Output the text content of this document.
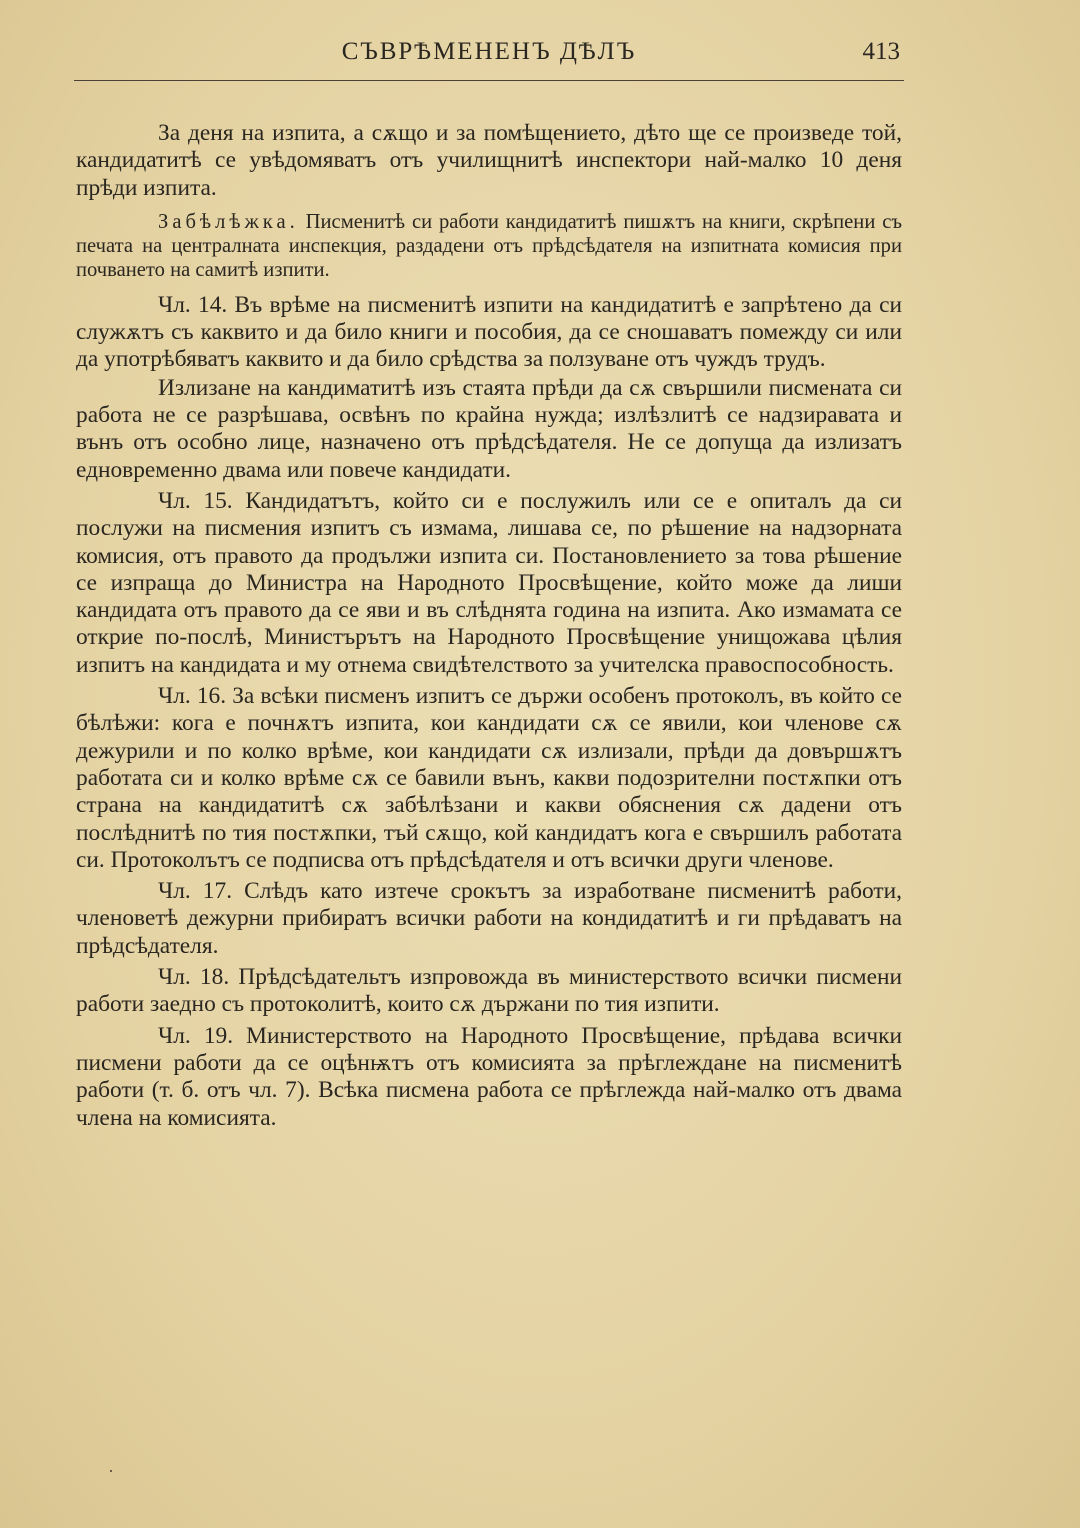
СЪВРѢМЕНЕНЪ ДѢЛЪ	413

За деня на изпита, а сѫщо и за помѣщението, дѣто ще се произведе той, кандидатитѣ се увѣдомяватъ отъ училищнитѣ инспектори най-малко 10 деня прѣди изпита.

Забѣлѣжка. Писменитѣ си работи кандидатитѣ пишѫтъ на книги, скрѣпени съ печата на централната инспекция, раздадени отъ прѣдсѣдателя на изпитната комисия при почването на самитѣ изпити.

Чл. 14. Въ врѣме на писменитѣ изпити на кандидатитѣ е запрѣтено да си служѫтъ съ каквито и да било книги и пособия, да се сношаватъ помежду си или да употрѣбяватъ каквито и да било срѣдства за ползуване отъ чуждъ трудъ.

Излизане на кандиматитѣ изъ стаята прѣди да сѫ свършили писмената си работа не се разрѣшава, освѣнъ по крайна нужда; излѣзлитѣ се надзиравата и вънъ отъ особно лице, назначено отъ прѣдсѣдателя. Не се допуща да излизатъ едновременно двама или повече кандидати.

Чл. 15. Кандидатътъ, който си е послужилъ или се е опиталъ да си послужи на писмения изпитъ съ измама, лишава се, по рѣшение на надзорната комисия, отъ правото да продължи изпита си. Постановлението за това рѣшение се изпраща до Министра на Народното Просвѣщение, който може да лиши кандидата отъ правото да се яви и въ слѣднята година на изпита. Ако измамата се открие по-послѣ, Министърътъ на Народното Просвѣщение унищожава цѣлия изпитъ на кандидата и му отнема свидѣтелството за учителска правоспособность.

Чл. 16. За всѣки писменъ изпитъ се държи особенъ протоколъ, въ който се бѣлѣжи: кога е почнѫтъ изпита, кои кандидати сѫ се явили, кои членове сѫ дежурили и по колко врѣме, кои кандидати сѫ излизали, прѣди да довършѫтъ работата си и колко врѣме сѫ се бавили вънъ, какви подозрителни постѫпки отъ страна на кандидатитѣ сѫ забѣлѣзани и какви обяснения сѫ дадени отъ послѣднитѣ по тия постѫпки, тъй сѫщо, кой кандидатъ кога е свършилъ работата си. Протоколътъ се подписва отъ прѣдсѣдателя и отъ всички други членове.

Чл. 17. Слѣдъ като изтече срокътъ за изработване писменитѣ работи, членоветѣ дежурни прибиратъ всички работи на кондидатитѣ и ги прѣдаватъ на прѣдсѣдателя.

Чл. 18. Прѣдсѣдательтъ изпровожда въ министерството всички писмени работи заедно съ протоколитѣ, които сѫ държани по тия изпити.

Чл. 19. Министерството на Народното Просвѣщение, прѣдава всички писмени работи да се оцѣнѭтъ отъ комисията за прѣглеждане на писменитѣ работи (т. б. отъ чл. 7). Всѣка писмена работа се прѣглежда най-малко отъ двама члена на комисията.
